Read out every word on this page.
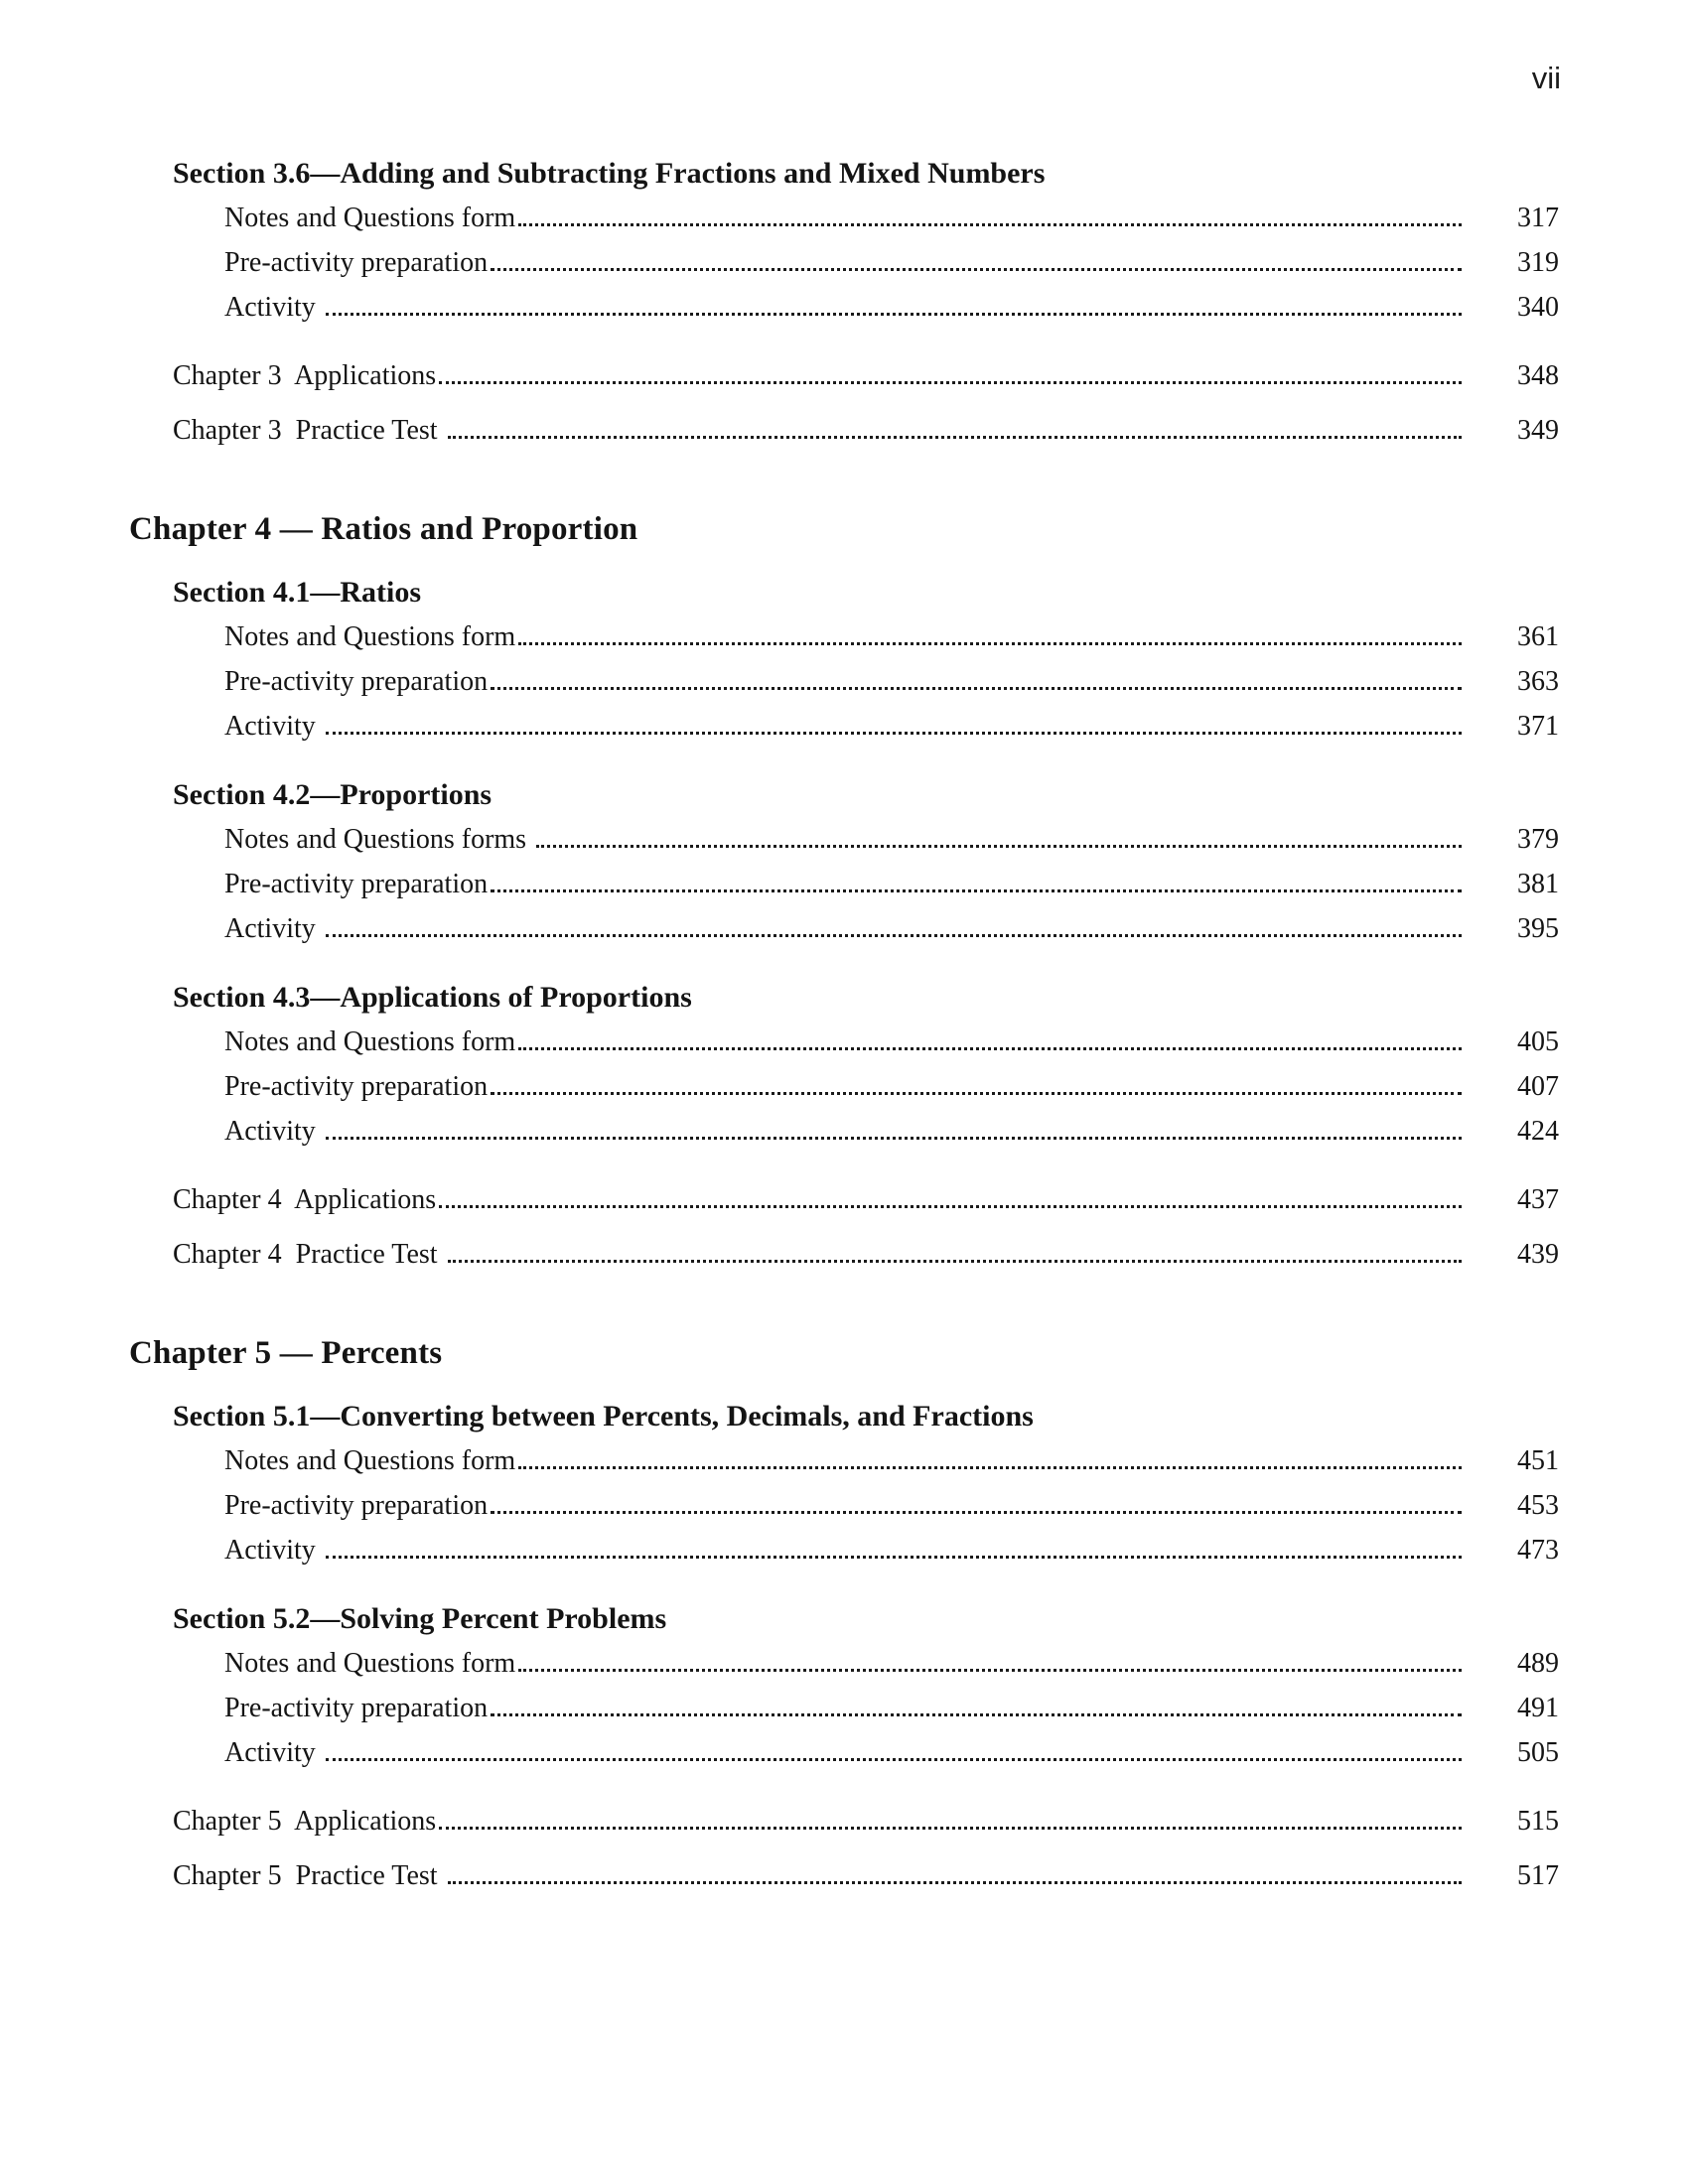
vii
Section 3.6—Adding and Subtracting Fractions and Mixed Numbers
Notes and Questions form	317
Pre-activity preparation	319
Activity	340
Chapter 3  Applications	348
Chapter 3  Practice Test	349
Chapter 4 — Ratios and Proportion
Section 4.1—Ratios
Notes and Questions form	361
Pre-activity preparation	363
Activity	371
Section 4.2—Proportions
Notes and Questions forms	379
Pre-activity preparation	381
Activity	395
Section 4.3—Applications of Proportions
Notes and Questions form	405
Pre-activity preparation	407
Activity	424
Chapter 4  Applications	437
Chapter 4  Practice Test	439
Chapter 5 — Percents
Section 5.1—Converting between Percents, Decimals, and Fractions
Notes and Questions form	451
Pre-activity preparation	453
Activity	473
Section 5.2—Solving Percent Problems
Notes and Questions form	489
Pre-activity preparation	491
Activity	505
Chapter 5  Applications	515
Chapter 5  Practice Test	517
